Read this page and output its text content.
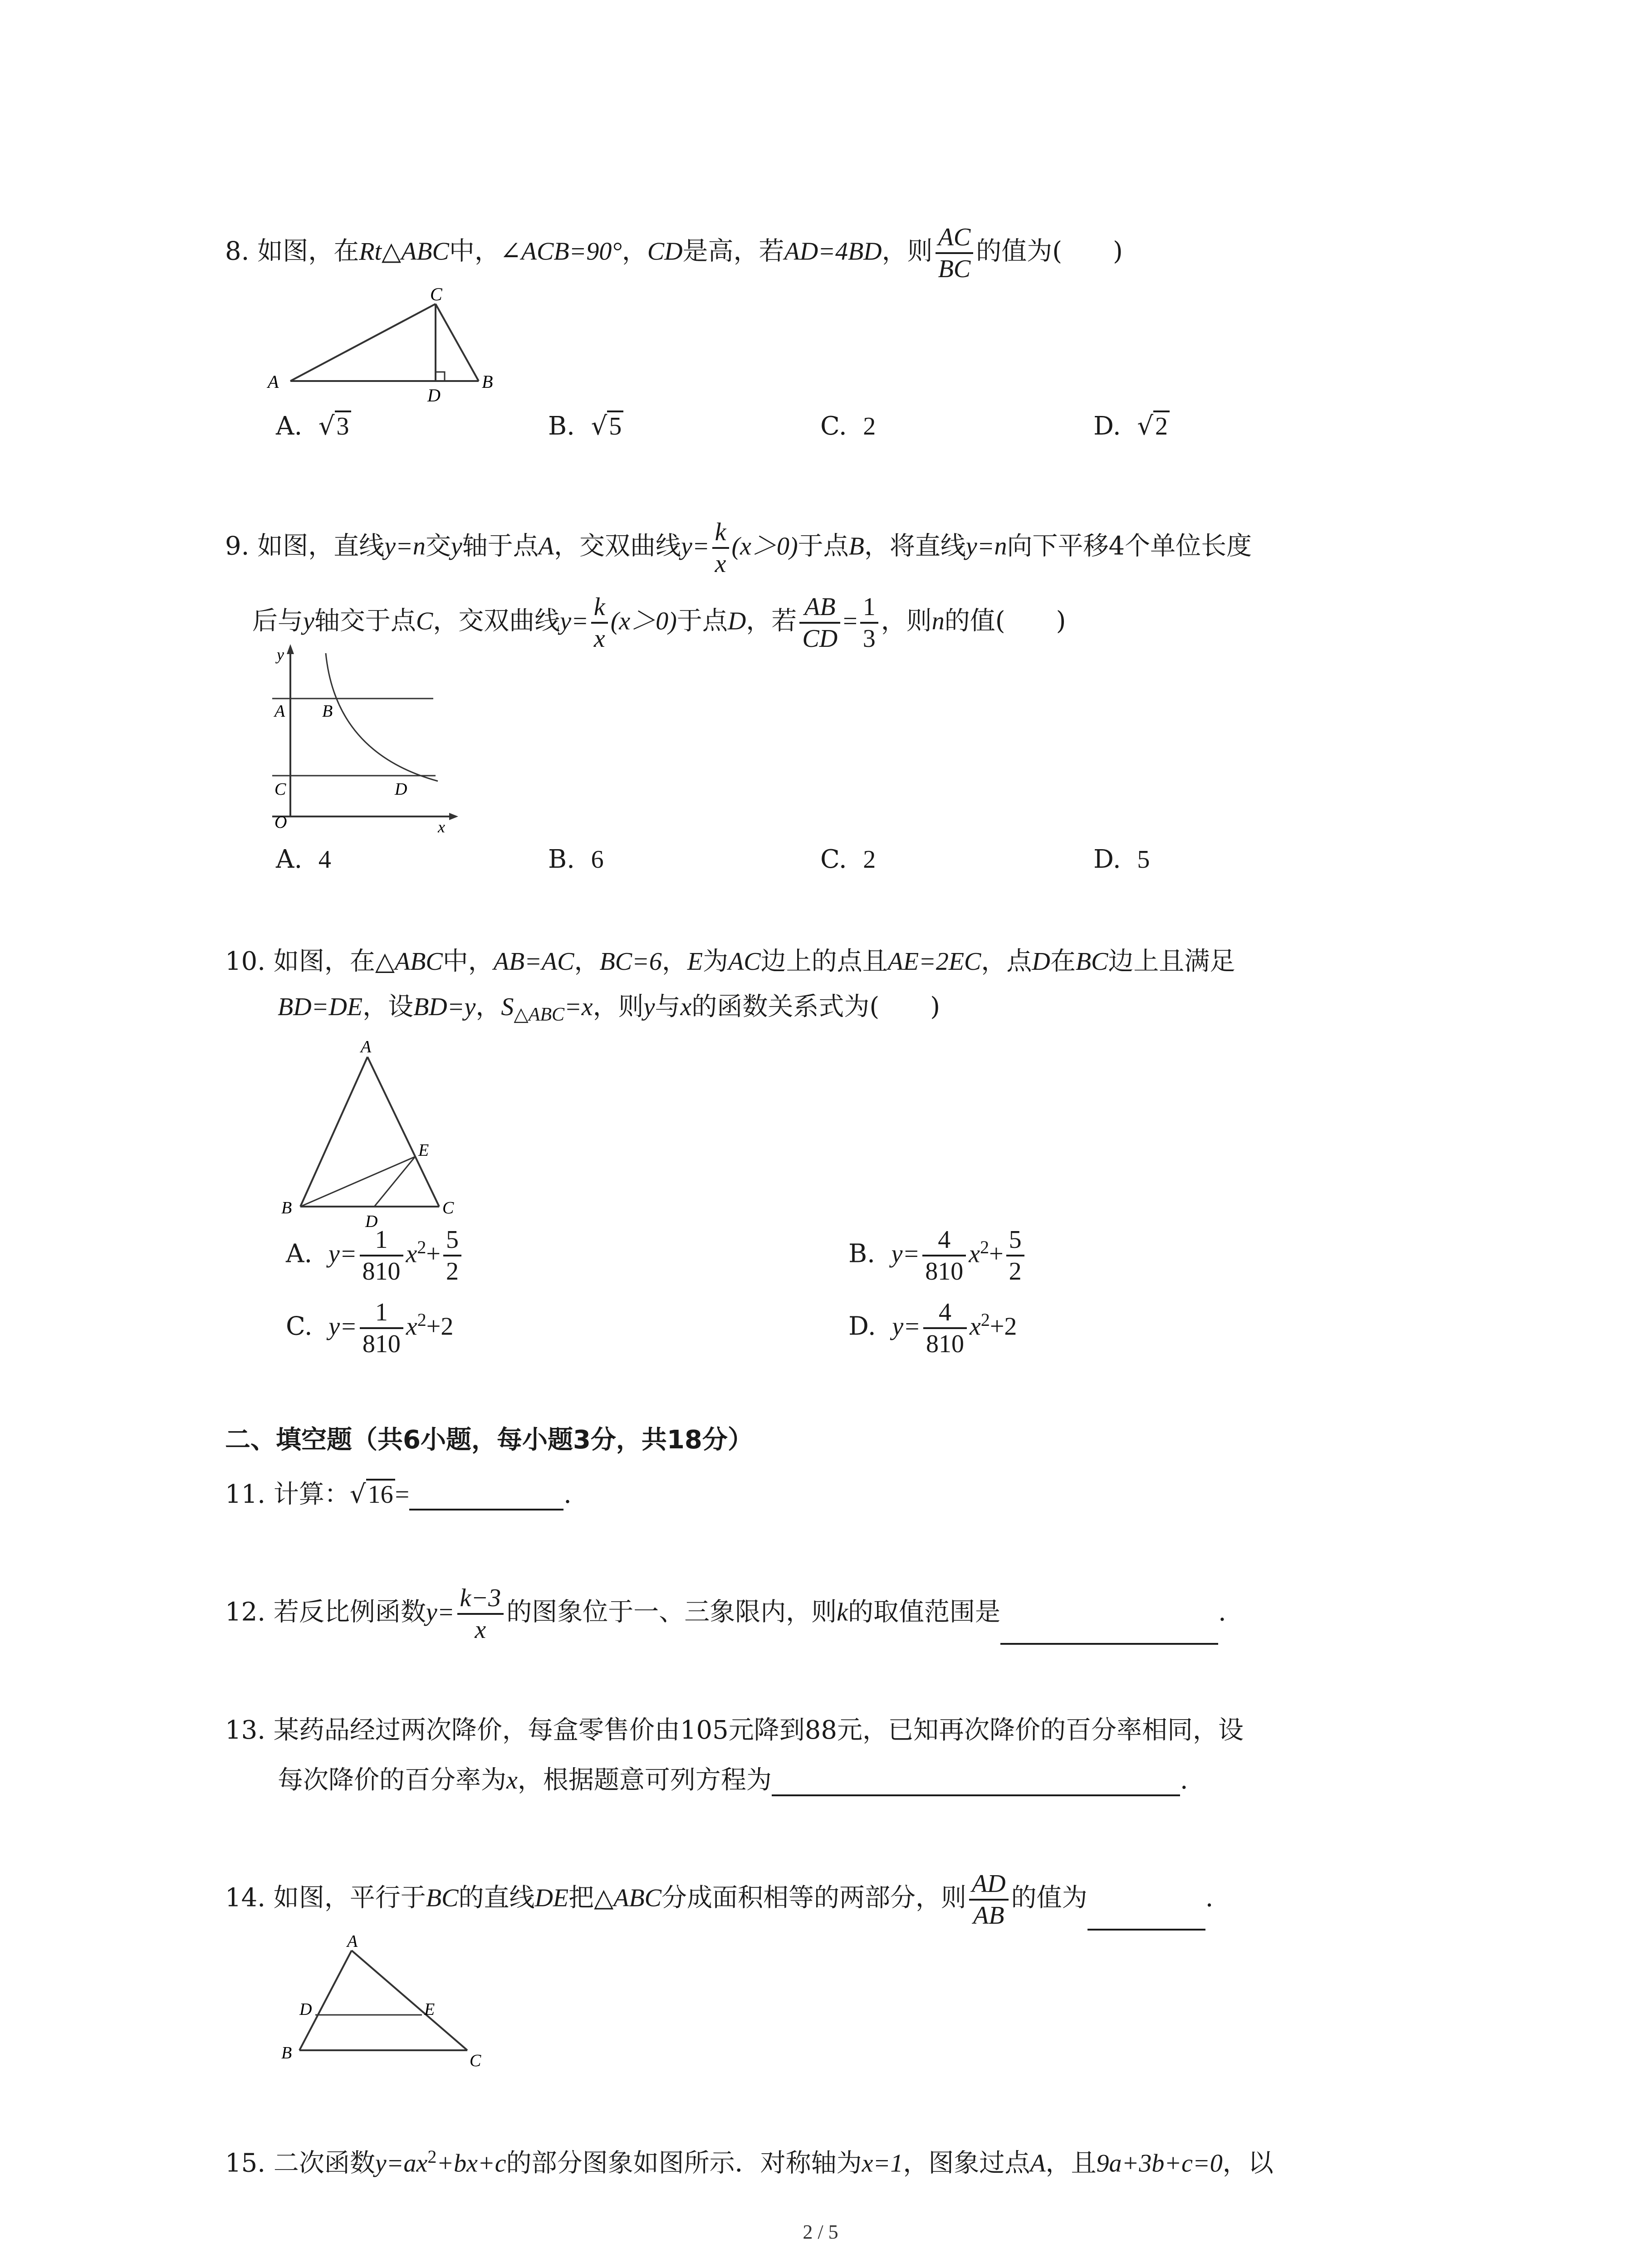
8. 如图，在Rt△ABC中，∠ACB=90°，CD是高，若AD=4BD，则 $\frac{AC}{BC}$ 的值为(　　)
A
C
D
B
A. √3	B. √5	C. 2	D. √2
9. 如图，直线y=n交y轴于点A，交双曲线$y= \frac{k}{x} (x>0)$于点B，将直线y=n向下平移4个单位长度
后与y轴交于点C，交双曲线$y= \frac{k}{x} (x>0)$于点D，若 $\frac{AB}{CD} = \frac{1}{3}$ ，则n的值(　　)
y
A B
C	D
O	x
A. 4	B. 6	C. 2	D. 5
10. 如图，在△ABC中，AB=AC，BC=6，E为AC边上的点且AE=2EC，点D在BC边上且满足
BD=DE，设BD=y，$S_{\triangle ABC}=x$，则y与x的函数关系式为(　　)
A
E
B
D
C
A. $y= \frac{1}{810} x^2+ \frac{5}{2}$	B. $y= \frac{4}{810} x^2+ \frac{5}{2}$
C. $y= \frac{1}{810} x^2+2$	D. $y= \frac{4}{810} x^2+2$
二、填空题（共6小题，每小题3分，共18分）
11. 计算：√16=	.
12. 若反比例函数$y= \frac{k-3}{x}$ 的图象位于一、三象限内，则k的取值范围是	.
13. 某药品经过两次降价，每盒零售价由105元降到88元，已知再次降价的百分率相同，设
每次降价的百分率为x，根据题意可列方程为	.
14. 如图，平行于BC的直线DE把△ABC分成面积相等的两部分，则 $\frac{AD}{AB}$ 的值为	.
A
D	E
B	C
15. 二次函数$y=ax^2+bx+c$的部分图象如图所示．对称轴为x=1，图象过点A，且9a+3b+c=0，以
2 / 5
